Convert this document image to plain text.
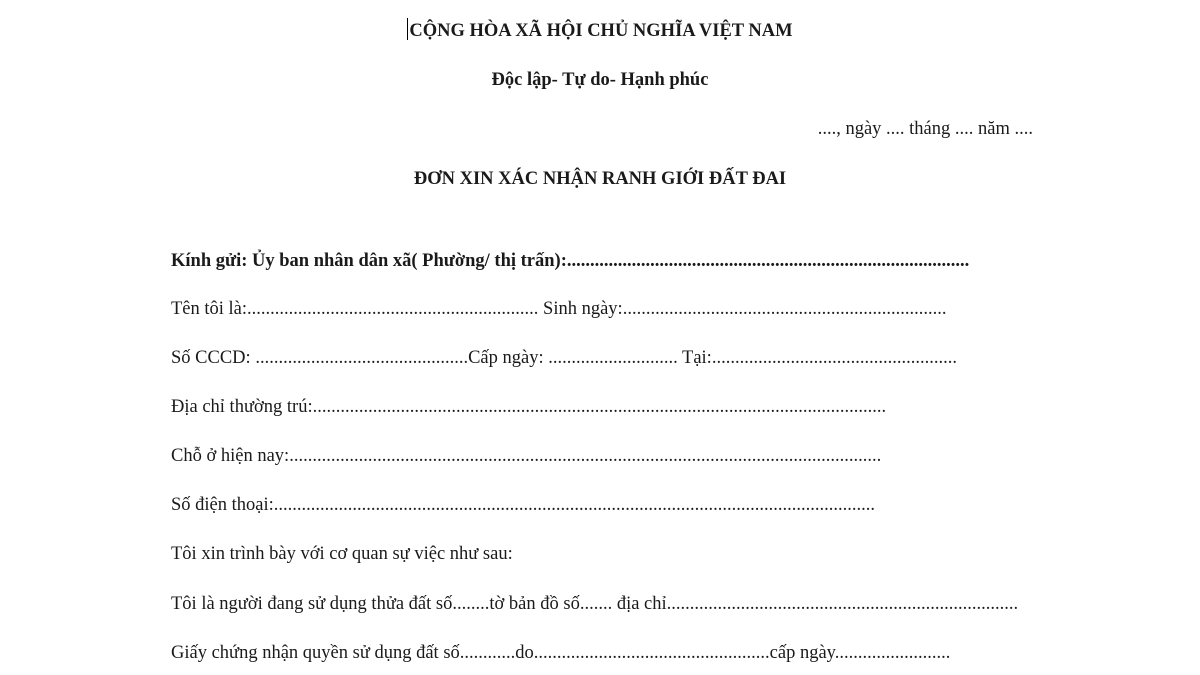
CỘNG HÒA XÃ HỘI CHỦ NGHĨA VIỆT NAM
Độc lập- Tự do- Hạnh phúc
...., ngày .... tháng .... năm ....
ĐƠN XIN XÁC NHẬN RANH GIỚI ĐẤT ĐAI
Kính gửi: Ủy ban nhân dân xã( Phường/ thị trấn):.......................................................................................
Tên tôi là:............................................................... Sinh ngày:......................................................................
Số CCCD: ..............................................Cấp ngày: ............................ Tại:.....................................................
Địa chỉ thường trú:............................................................................................................................
Chỗ ở hiện nay:................................................................................................................................
Số điện thoại:..................................................................................................................................
Tôi xin trình bày với cơ quan sự việc như sau:
Tôi là người đang sử dụng thửa đất số........tờ bản đồ số....... địa chỉ............................................................................
Giấy chứng nhận quyền sử dụng đất số............do...................................................cấp ngày.........................
